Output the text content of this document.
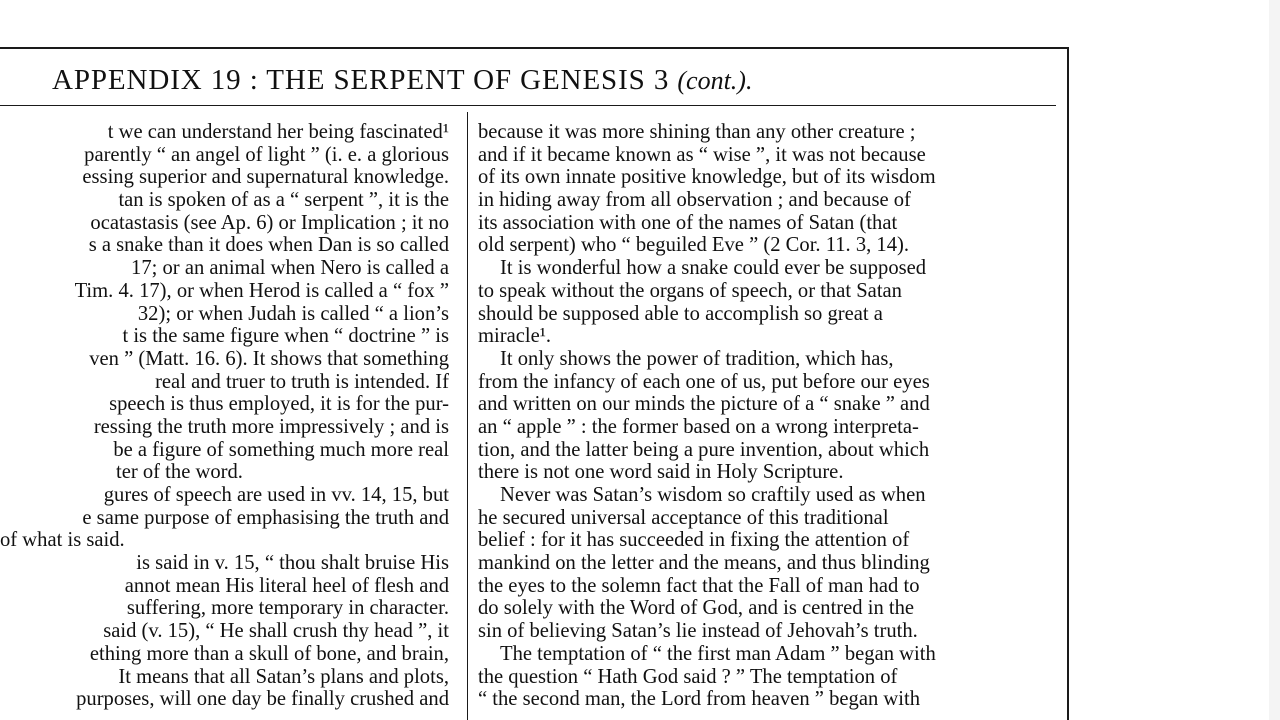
APPENDIX 19 : THE SERPENT OF GENESIS 3 (cont.).
t we can understand her being fascinated¹
parently “ an angel of light ” (i. e. a glorious
essing superior and supernatural knowledge.
tan is spoken of as a “ serpent ”, it is the
ocatastasis (see Ap. 6) or Implication ; it no
s a snake than it does when Dan is so called
17; or an animal when Nero is called a
Tim. 4. 17), or when Herod is called a “ fox ”
32); or when Judah is called “ a lion’s
t is the same figure when “ doctrine ” is
ven ” (Matt. 16. 6). It shows that something
real and truer to truth is intended. If
speech is thus employed, it is for the pur-
ressing the truth more impressively ; and is
be a figure of something much more real
ter of the word.
gures of speech are used in vv. 14, 15, but
e same purpose of emphasising the truth and
of what is said.
is said in v. 15, “ thou shalt bruise His
annot mean His literal heel of flesh and
suffering, more temporary in character.
said (v. 15), “ He shall crush thy head ”, it
ething more than a skull of bone, and brain,
It means that all Satan’s plans and plots,
purposes, will one day be finally crushed and
because it was more shining than any other creature ;
and if it became known as “ wise ”, it was not because
of its own innate positive knowledge, but of its wisdom
in hiding away from all observation ; and because of
its association with one of the names of Satan (that
old serpent) who “ beguiled Eve ” (2 Cor. 11. 3, 14).
It is wonderful how a snake could ever be supposed
to speak without the organs of speech, or that Satan
should be supposed able to accomplish so great a
miracle¹.
It only shows the power of tradition, which has,
from the infancy of each one of us, put before our eyes
and written on our minds the picture of a “ snake ” and
an “ apple ” : the former based on a wrong interpreta-
tion, and the latter being a pure invention, about which
there is not one word said in Holy Scripture.
Never was Satan’s wisdom so craftily used as when
he secured universal acceptance of this traditional
belief : for it has succeeded in fixing the attention of
mankind on the letter and the means, and thus blinding
the eyes to the solemn fact that the Fall of man had to
do solely with the Word of God, and is centred in the
sin of believing Satan’s lie instead of Jehovah’s truth.
The temptation of “ the first man Adam ” began with
the question “ Hath God said ? ” The temptation of
“ the second man, the Lord from heaven ” began with
